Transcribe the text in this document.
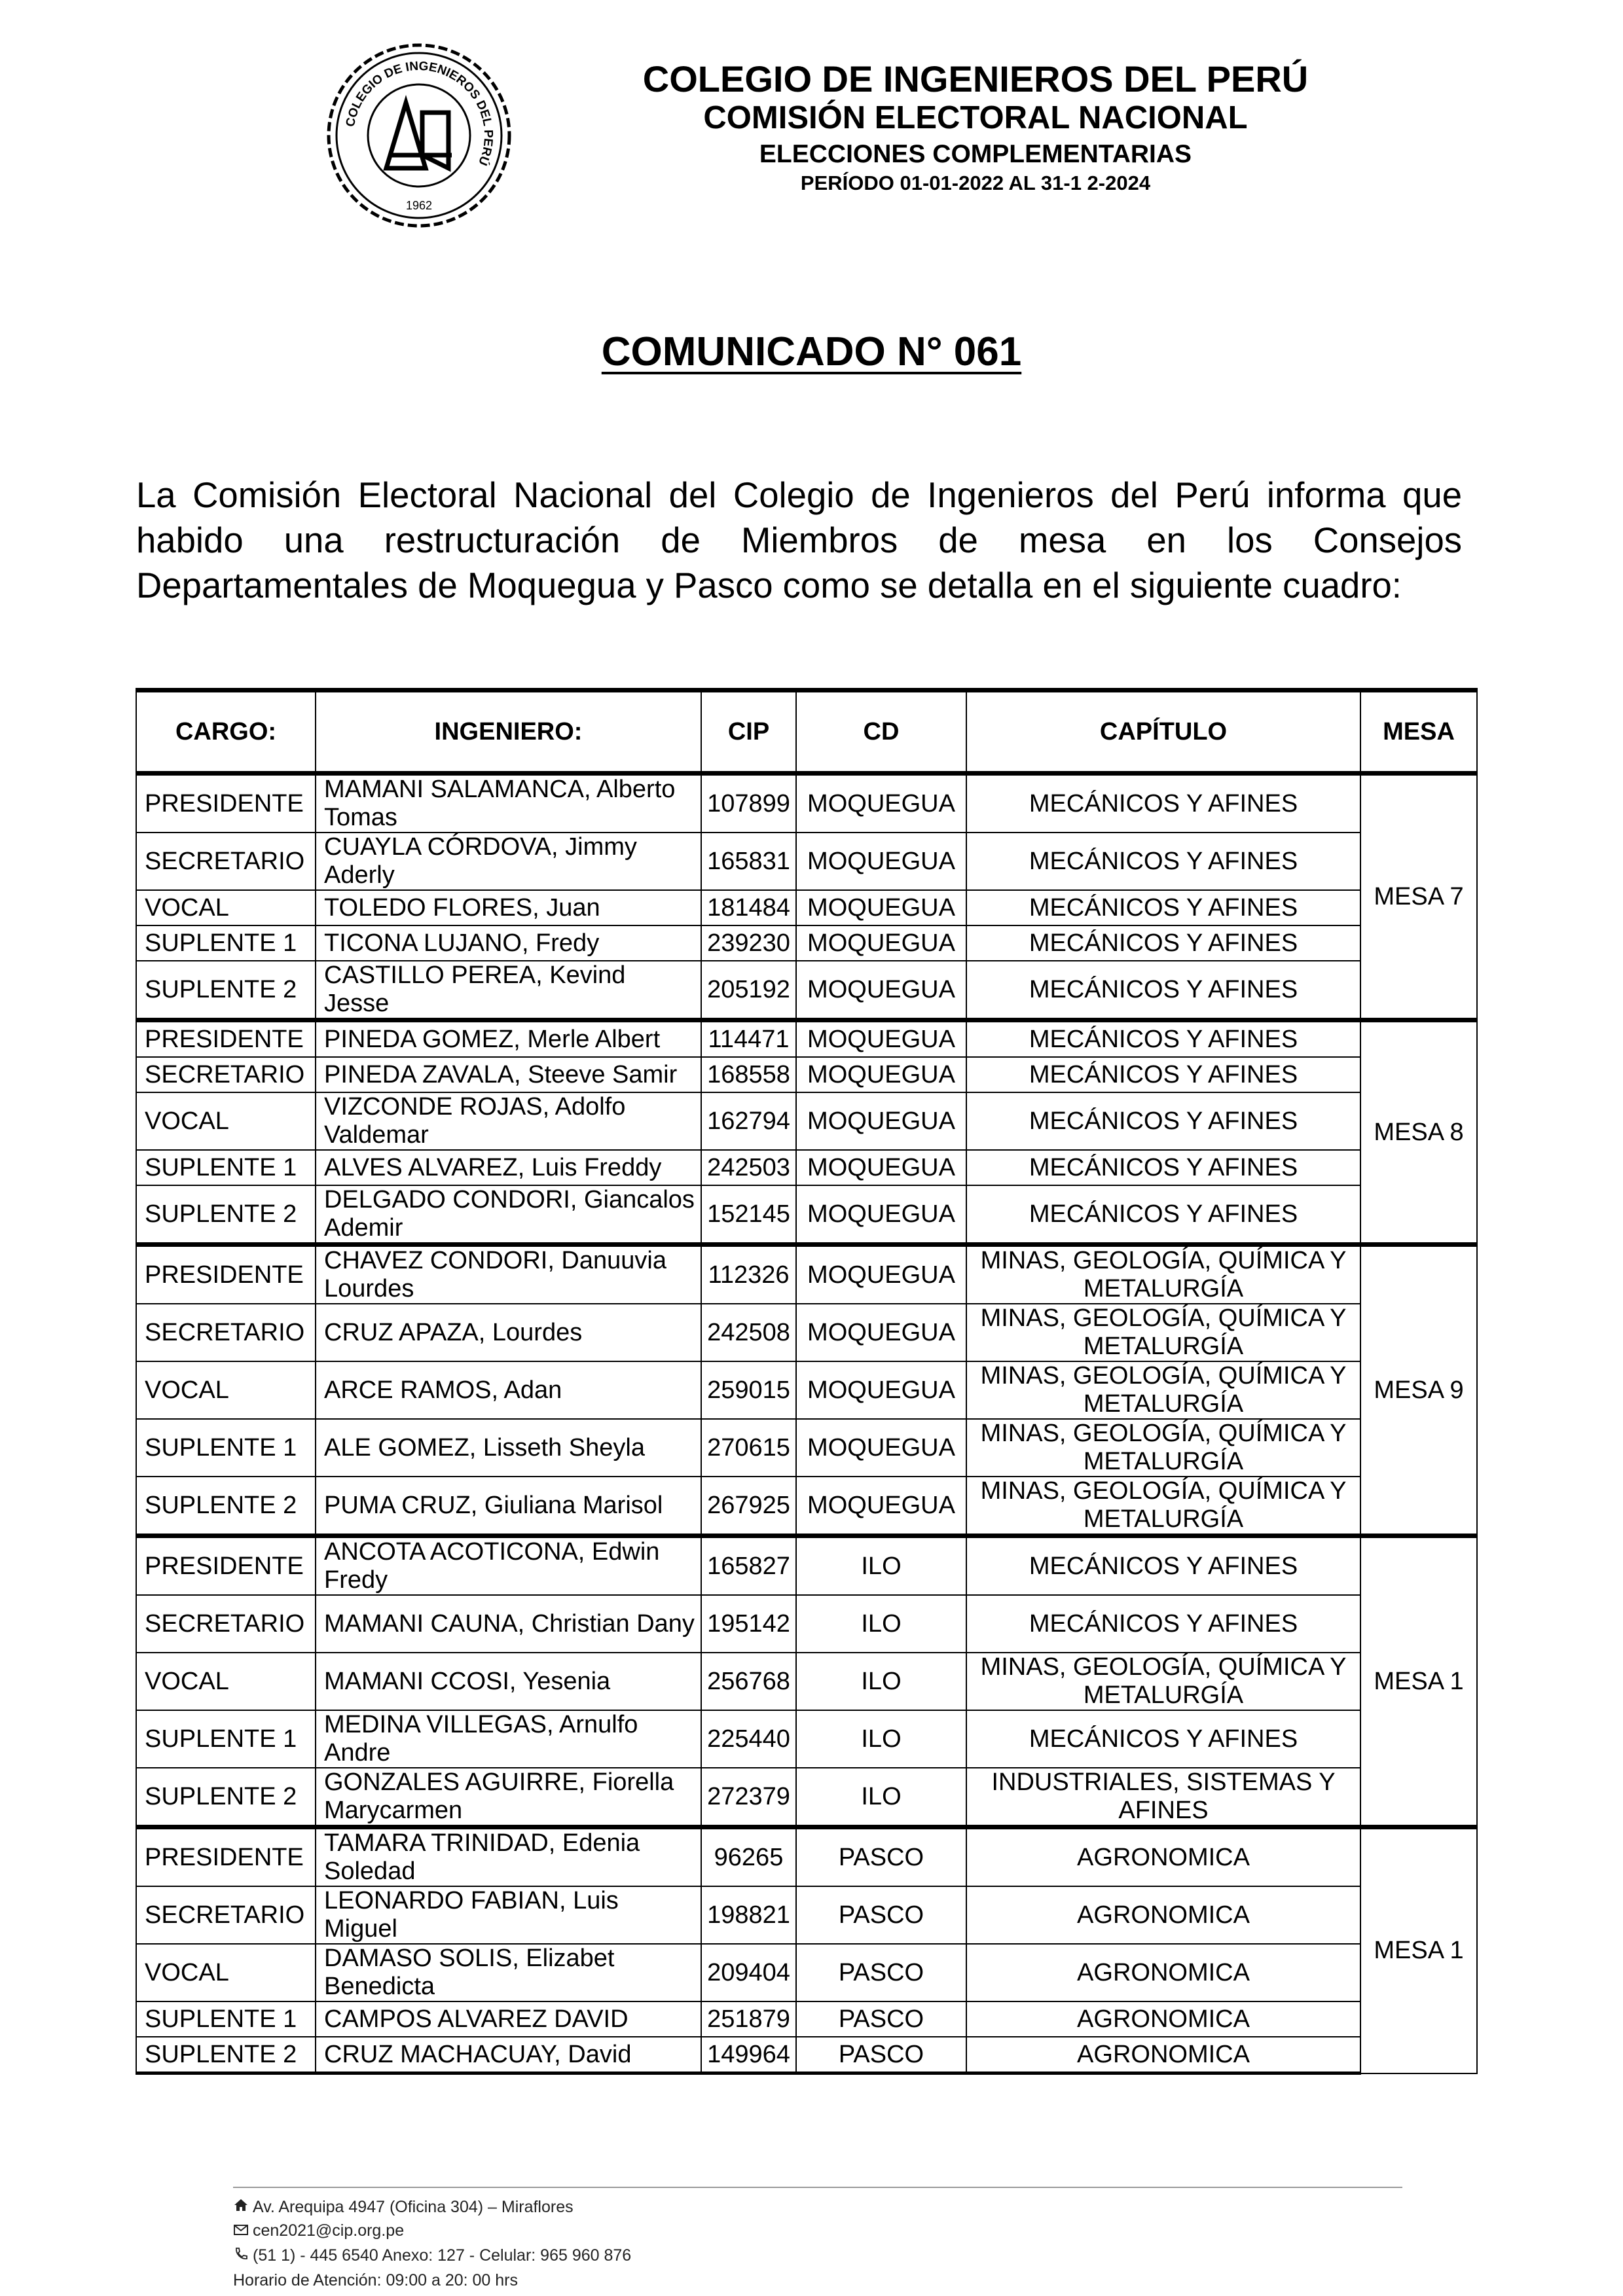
COLEGIO DE INGENIEROS DEL PERÚ
1962
COLEGIO DE INGENIEROS DEL PERÚ
COMISIÓN ELECTORAL NACIONAL
ELECCIONES COMPLEMENTARIAS
PERÍODO 01-01-2022 AL 31-1 2-2024
COMUNICADO N° 061
La Comisión Electoral Nacional del Colegio de Ingenieros del Perú informa que habido una restructuración de Miembros de mesa en los Consejos Departamentales de Moquegua y Pasco como se detalla en el siguiente cuadro:
CARGO:	INGENIERO:	CIP	CD	CAPÍTULO	MESA
PRESIDENTE	MAMANI SALAMANCA, Alberto Tomas	107899	MOQUEGUA	MECÁNICOS Y AFINES	MESA 7
SECRETARIO	CUAYLA CÓRDOVA, Jimmy Aderly	165831	MOQUEGUA	MECÁNICOS Y AFINES	
VOCAL	TOLEDO FLORES, Juan	181484	MOQUEGUA	MECÁNICOS Y AFINES	
SUPLENTE 1	TICONA LUJANO, Fredy	239230	MOQUEGUA	MECÁNICOS Y AFINES	
SUPLENTE 2	CASTILLO PEREA, Kevind Jesse	205192	MOQUEGUA	MECÁNICOS Y AFINES	
PRESIDENTE	PINEDA GOMEZ, Merle Albert	114471	MOQUEGUA	MECÁNICOS Y AFINES	MESA 8
SECRETARIO	PINEDA ZAVALA, Steeve Samir	168558	MOQUEGUA	MECÁNICOS Y AFINES	
VOCAL	VIZCONDE ROJAS, Adolfo Valdemar	162794	MOQUEGUA	MECÁNICOS Y AFINES	
SUPLENTE 1	ALVES ALVAREZ, Luis Freddy	242503	MOQUEGUA	MECÁNICOS Y AFINES	
SUPLENTE 2	DELGADO CONDORI, Giancalos Ademir	152145	MOQUEGUA	MECÁNICOS Y AFINES	
PRESIDENTE	CHAVEZ CONDORI, Danuuvia Lourdes	112326	MOQUEGUA	MINAS, GEOLOGÍA, QUÍMICA Y METALURGÍA	MESA 9
SECRETARIO	CRUZ APAZA, Lourdes	242508	MOQUEGUA	MINAS, GEOLOGÍA, QUÍMICA Y METALURGÍA	
VOCAL	ARCE RAMOS, Adan	259015	MOQUEGUA	MINAS, GEOLOGÍA, QUÍMICA Y METALURGÍA	
SUPLENTE 1	ALE GOMEZ, Lisseth Sheyla	270615	MOQUEGUA	MINAS, GEOLOGÍA, QUÍMICA Y METALURGÍA	
SUPLENTE 2	PUMA CRUZ, Giuliana Marisol	267925	MOQUEGUA	MINAS, GEOLOGÍA, QUÍMICA Y METALURGÍA	
PRESIDENTE	ANCOTA ACOTICONA, Edwin Fredy	165827	ILO	MECÁNICOS Y AFINES	MESA 1
SECRETARIO	MAMANI CAUNA, Christian Dany	195142	ILO	MECÁNICOS Y AFINES	
VOCAL	MAMANI CCOSI, Yesenia	256768	ILO	MINAS, GEOLOGÍA, QUÍMICA Y METALURGÍA	
SUPLENTE 1	MEDINA VILLEGAS, Arnulfo Andre	225440	ILO	MECÁNICOS Y AFINES	
SUPLENTE 2	GONZALES AGUIRRE, Fiorella Marycarmen	272379	ILO	INDUSTRIALES, SISTEMAS Y AFINES	
PRESIDENTE	TAMARA TRINIDAD, Edenia Soledad	96265	PASCO	AGRONOMICA	MESA 1
SECRETARIO	LEONARDO FABIAN, Luis Miguel	198821	PASCO	AGRONOMICA	
VOCAL	DAMASO SOLIS, Elizabet Benedicta	209404	PASCO	AGRONOMICA	
SUPLENTE 1	CAMPOS ALVAREZ DAVID	251879	PASCO	AGRONOMICA	
SUPLENTE 2	CRUZ MACHACUAY, David	149964	PASCO	AGRONOMICA	
Av. Arequipa 4947 (Oficina 304) – Miraflores
cen2021@cip.org.pe
(51 1) - 445 6540 Anexo: 127 - Celular: 965 960 876
Horario de Atención: 09:00 a 20: 00 hrs
